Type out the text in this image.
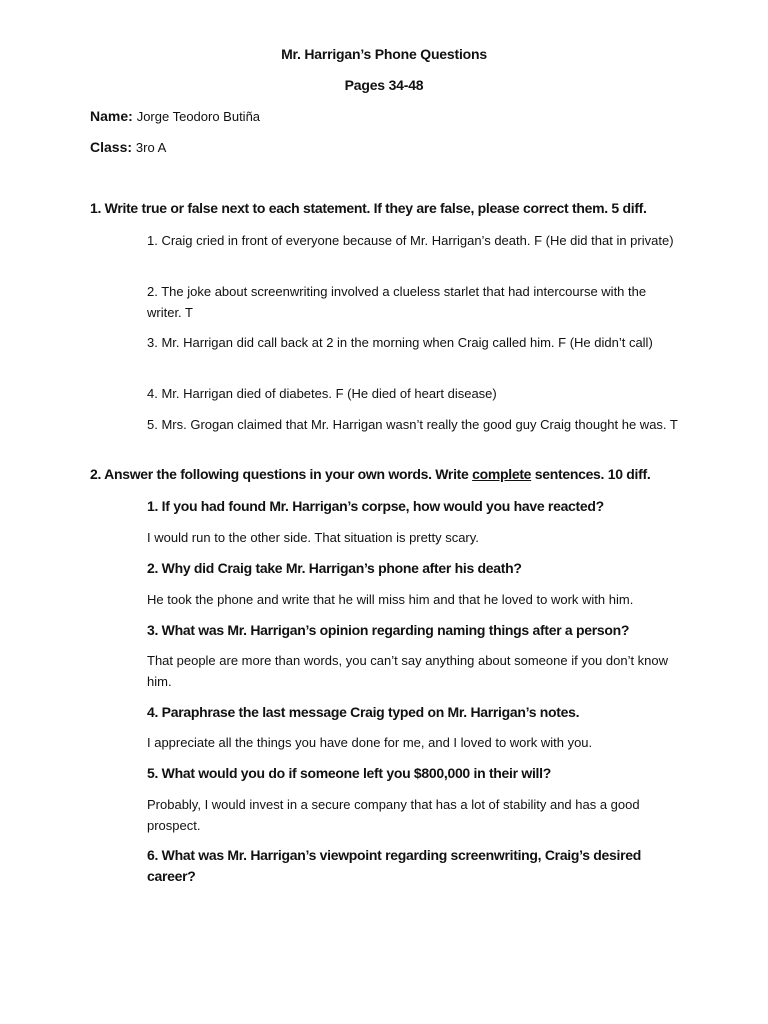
Mr. Harrigan’s Phone Questions
Pages 34-48
Name: Jorge Teodoro Butiña
Class: 3ro A
1. Write true or false next to each statement. If they are false, please correct them. 5 diff.
1. Craig cried in front of everyone because of Mr. Harrigan’s death. F (He did that in private)
2. The joke about screenwriting involved a clueless starlet that had intercourse with the writer. T
3. Mr. Harrigan did call back at 2 in the morning when Craig called him. F (He didn’t call)
4. Mr. Harrigan died of diabetes. F (He died of heart disease)
5. Mrs. Grogan claimed that Mr. Harrigan wasn’t really the good guy Craig thought he was. T
2. Answer the following questions in your own words. Write complete sentences. 10 diff.
1. If you had found Mr. Harrigan’s corpse, how would you have reacted?
I would run to the other side. That situation is pretty scary.
2. Why did Craig take Mr. Harrigan’s phone after his death?
He took the phone and write that he will miss him and that he loved to work with him.
3. What was Mr. Harrigan’s opinion regarding naming things after a person?
That people are more than words, you can’t say anything about someone if you don’t know him.
4. Paraphrase the last message Craig typed on Mr. Harrigan’s notes.
I appreciate all the things you have done for me, and I loved to work with you.
5. What would you do if someone left you $800,000 in their will?
Probably, I would invest in a secure company that has a lot of stability and has a good prospect.
6. What was Mr. Harrigan’s viewpoint regarding screenwriting, Craig’s desired career?
